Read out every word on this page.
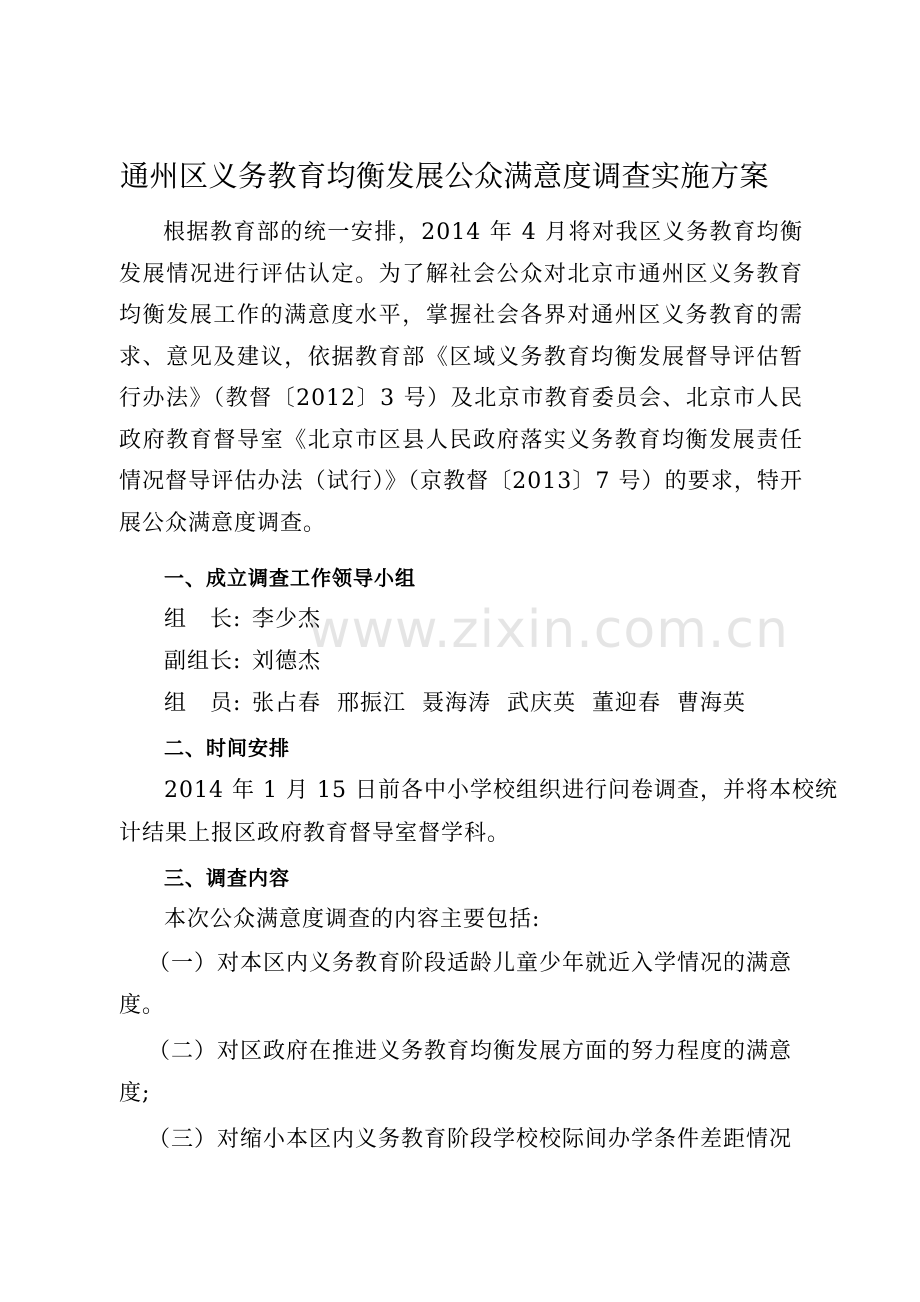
通州区义务教育均衡发展公众满意度调查实施方案
根据教育部的统一安排，2014 年 4 月将对我区义务教育均衡发展情况进行评估认定。为了解社会公众对北京市通州区义务教育均衡发展工作的满意度水平，掌握社会各界对通州区义务教育的需求、意见及建议，依据教育部《区域义务教育均衡发展督导评估暂行办法》（教督〔2012〕3 号）及北京市教育委员会、北京市人民政府教育督导室《北京市区县人民政府落实义务教育均衡发展责任情况督导评估办法（试行）》（京教督〔2013〕7 号）的要求，特开展公众满意度调查。
一、成立调查工作领导小组
组　长: 李少杰
副组长: 刘德杰
组　员: 张占春  邢振江  聂海涛  武庆英  董迎春  曹海英
二、时间安排
2014 年 1 月 15 日前各中小学校组织进行问卷调查，并将本校统
计结果上报区政府教育督导室督学科。
三、调查内容
本次公众满意度调查的内容主要包括:
（一）对本区内义务教育阶段适龄儿童少年就近入学情况的满意
度。
（二）对区政府在推进义务教育均衡发展方面的努力程度的满意
度;
（三）对缩小本区内义务教育阶段学校校际间办学条件差距情况
www.zixin.com.cn
